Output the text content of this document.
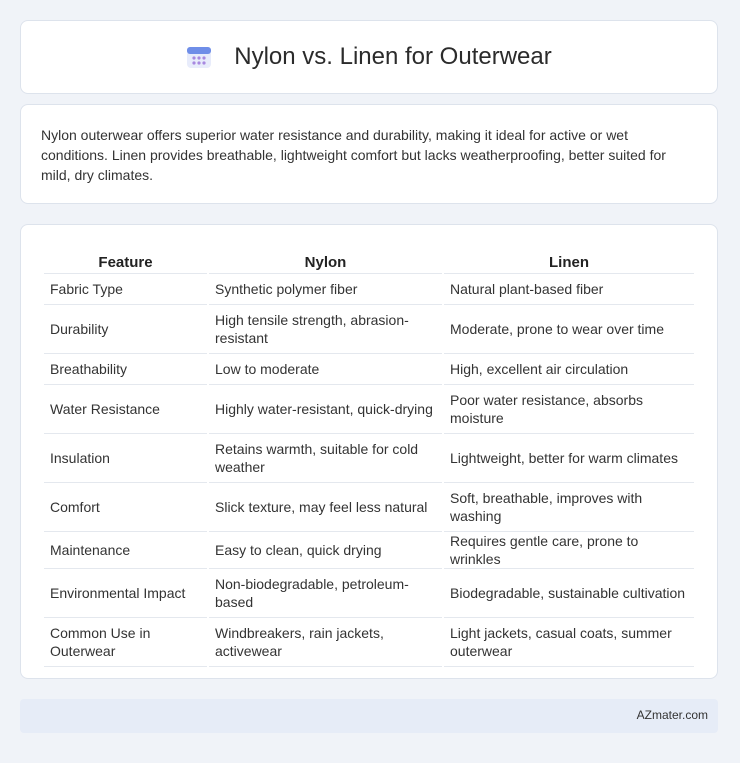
Nylon vs. Linen for Outerwear
Nylon outerwear offers superior water resistance and durability, making it ideal for active or wet conditions. Linen provides breathable, lightweight comfort but lacks weatherproofing, better suited for mild, dry climates.
Feature	Nylon	Linen
Fabric Type	Synthetic polymer fiber	Natural plant-based fiber
Durability	High tensile strength, abrasion-resistant	Moderate, prone to wear over time
Breathability	Low to moderate	High, excellent air circulation
Water Resistance	Highly water-resistant, quick-drying	Poor water resistance, absorbs moisture
Insulation	Retains warmth, suitable for cold weather	Lightweight, better for warm climates
Comfort	Slick texture, may feel less natural	Soft, breathable, improves with washing
Maintenance	Easy to clean, quick drying	Requires gentle care, prone to wrinkles
Environmental Impact	Non-biodegradable, petroleum-based	Biodegradable, sustainable cultivation
Common Use in Outerwear	Windbreakers, rain jackets, activewear	Light jackets, casual coats, summer outerwear
AZmater.com
